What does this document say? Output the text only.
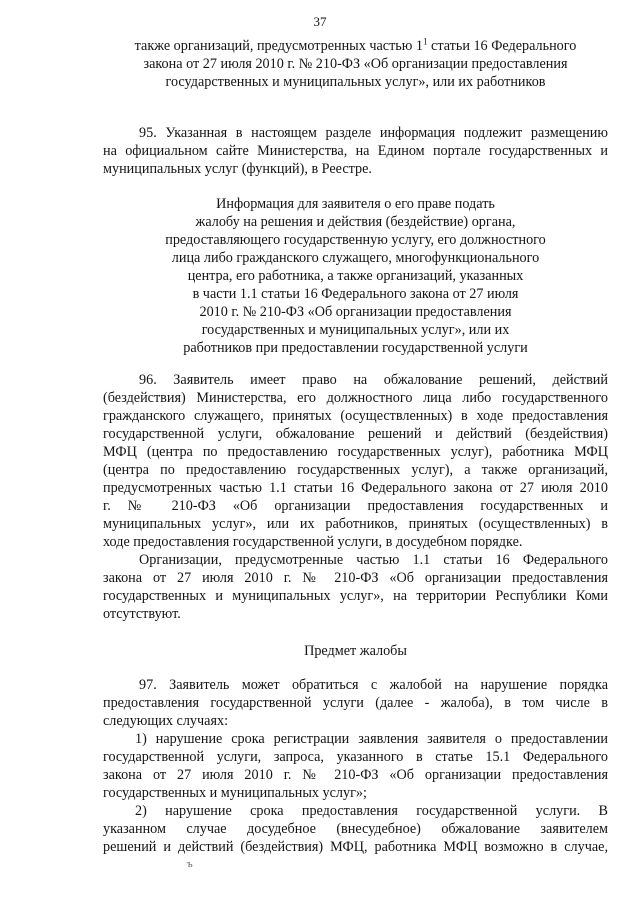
37
также организаций, предусмотренных частью $1^1$ статьи 16 Федерального
закона от 27 июля 2010 г. № 210-ФЗ «Об организации предоставления
государственных и муниципальных услуг», или их работников
95. Указанная в настоящем разделе информация подлежит размещению
на официальном сайте Министерства, на Едином портале государственных и
муниципальных услуг (функций), в Реестре.
Информация для заявителя о его праве подать
жалобу на решения и действия (бездействие) органа,
предоставляющего государственную услугу, его должностного
лица либо гражданского служащего, многофункционального
центра, его работника, а также организаций, указанных
в части 1.1 статьи 16 Федерального закона от 27 июля
2010 г. № 210-ФЗ «Об организации предоставления
государственных и муниципальных услуг», или их
работников при предоставлении государственной услуги
96. Заявитель имеет право на обжалование решений, действий
(бездействия) Министерства, его должностного лица либо государственного
гражданского служащего, принятых (осуществленных) в ходе предоставления
государственной услуги, обжалование решений и действий (бездействия)
МФЦ (центра по предоставлению государственных услуг), работника МФЦ
(центра по предоставлению государственных услуг), а также организаций,
предусмотренных частью 1.1 статьи 16 Федерального закона от 27 июля 2010
г. № 210-ФЗ «Об организации предоставления государственных и
муниципальных услуг», или их работников, принятых (осуществленных) в
ходе предоставления государственной услуги, в досудебном порядке.
Организации, предусмотренные частью 1.1 статьи 16 Федерального
закона от 27 июля 2010 г. № 210-ФЗ «Об организации предоставления
государственных и муниципальных услуг», на территории Республики Коми
отсутствуют.
Предмет жалобы
97. Заявитель может обратиться с жалобой на нарушение порядка
предоставления государственной услуги (далее - жалоба), в том числе в
следующих случаях:
1) нарушение срока регистрации заявления заявителя о предоставлении
государственной услуги, запроса, указанного в статье 15.1 Федерального
закона от 27 июля 2010 г. № 210-ФЗ «Об организации предоставления
государственных и муниципальных услуг»;
2) нарушение срока предоставления государственной услуги. В
указанном случае досудебное (внесудебное) обжалование заявителем
решений и действий (бездействия) МФЦ, работника МФЦ возможно в случае,
ъ
